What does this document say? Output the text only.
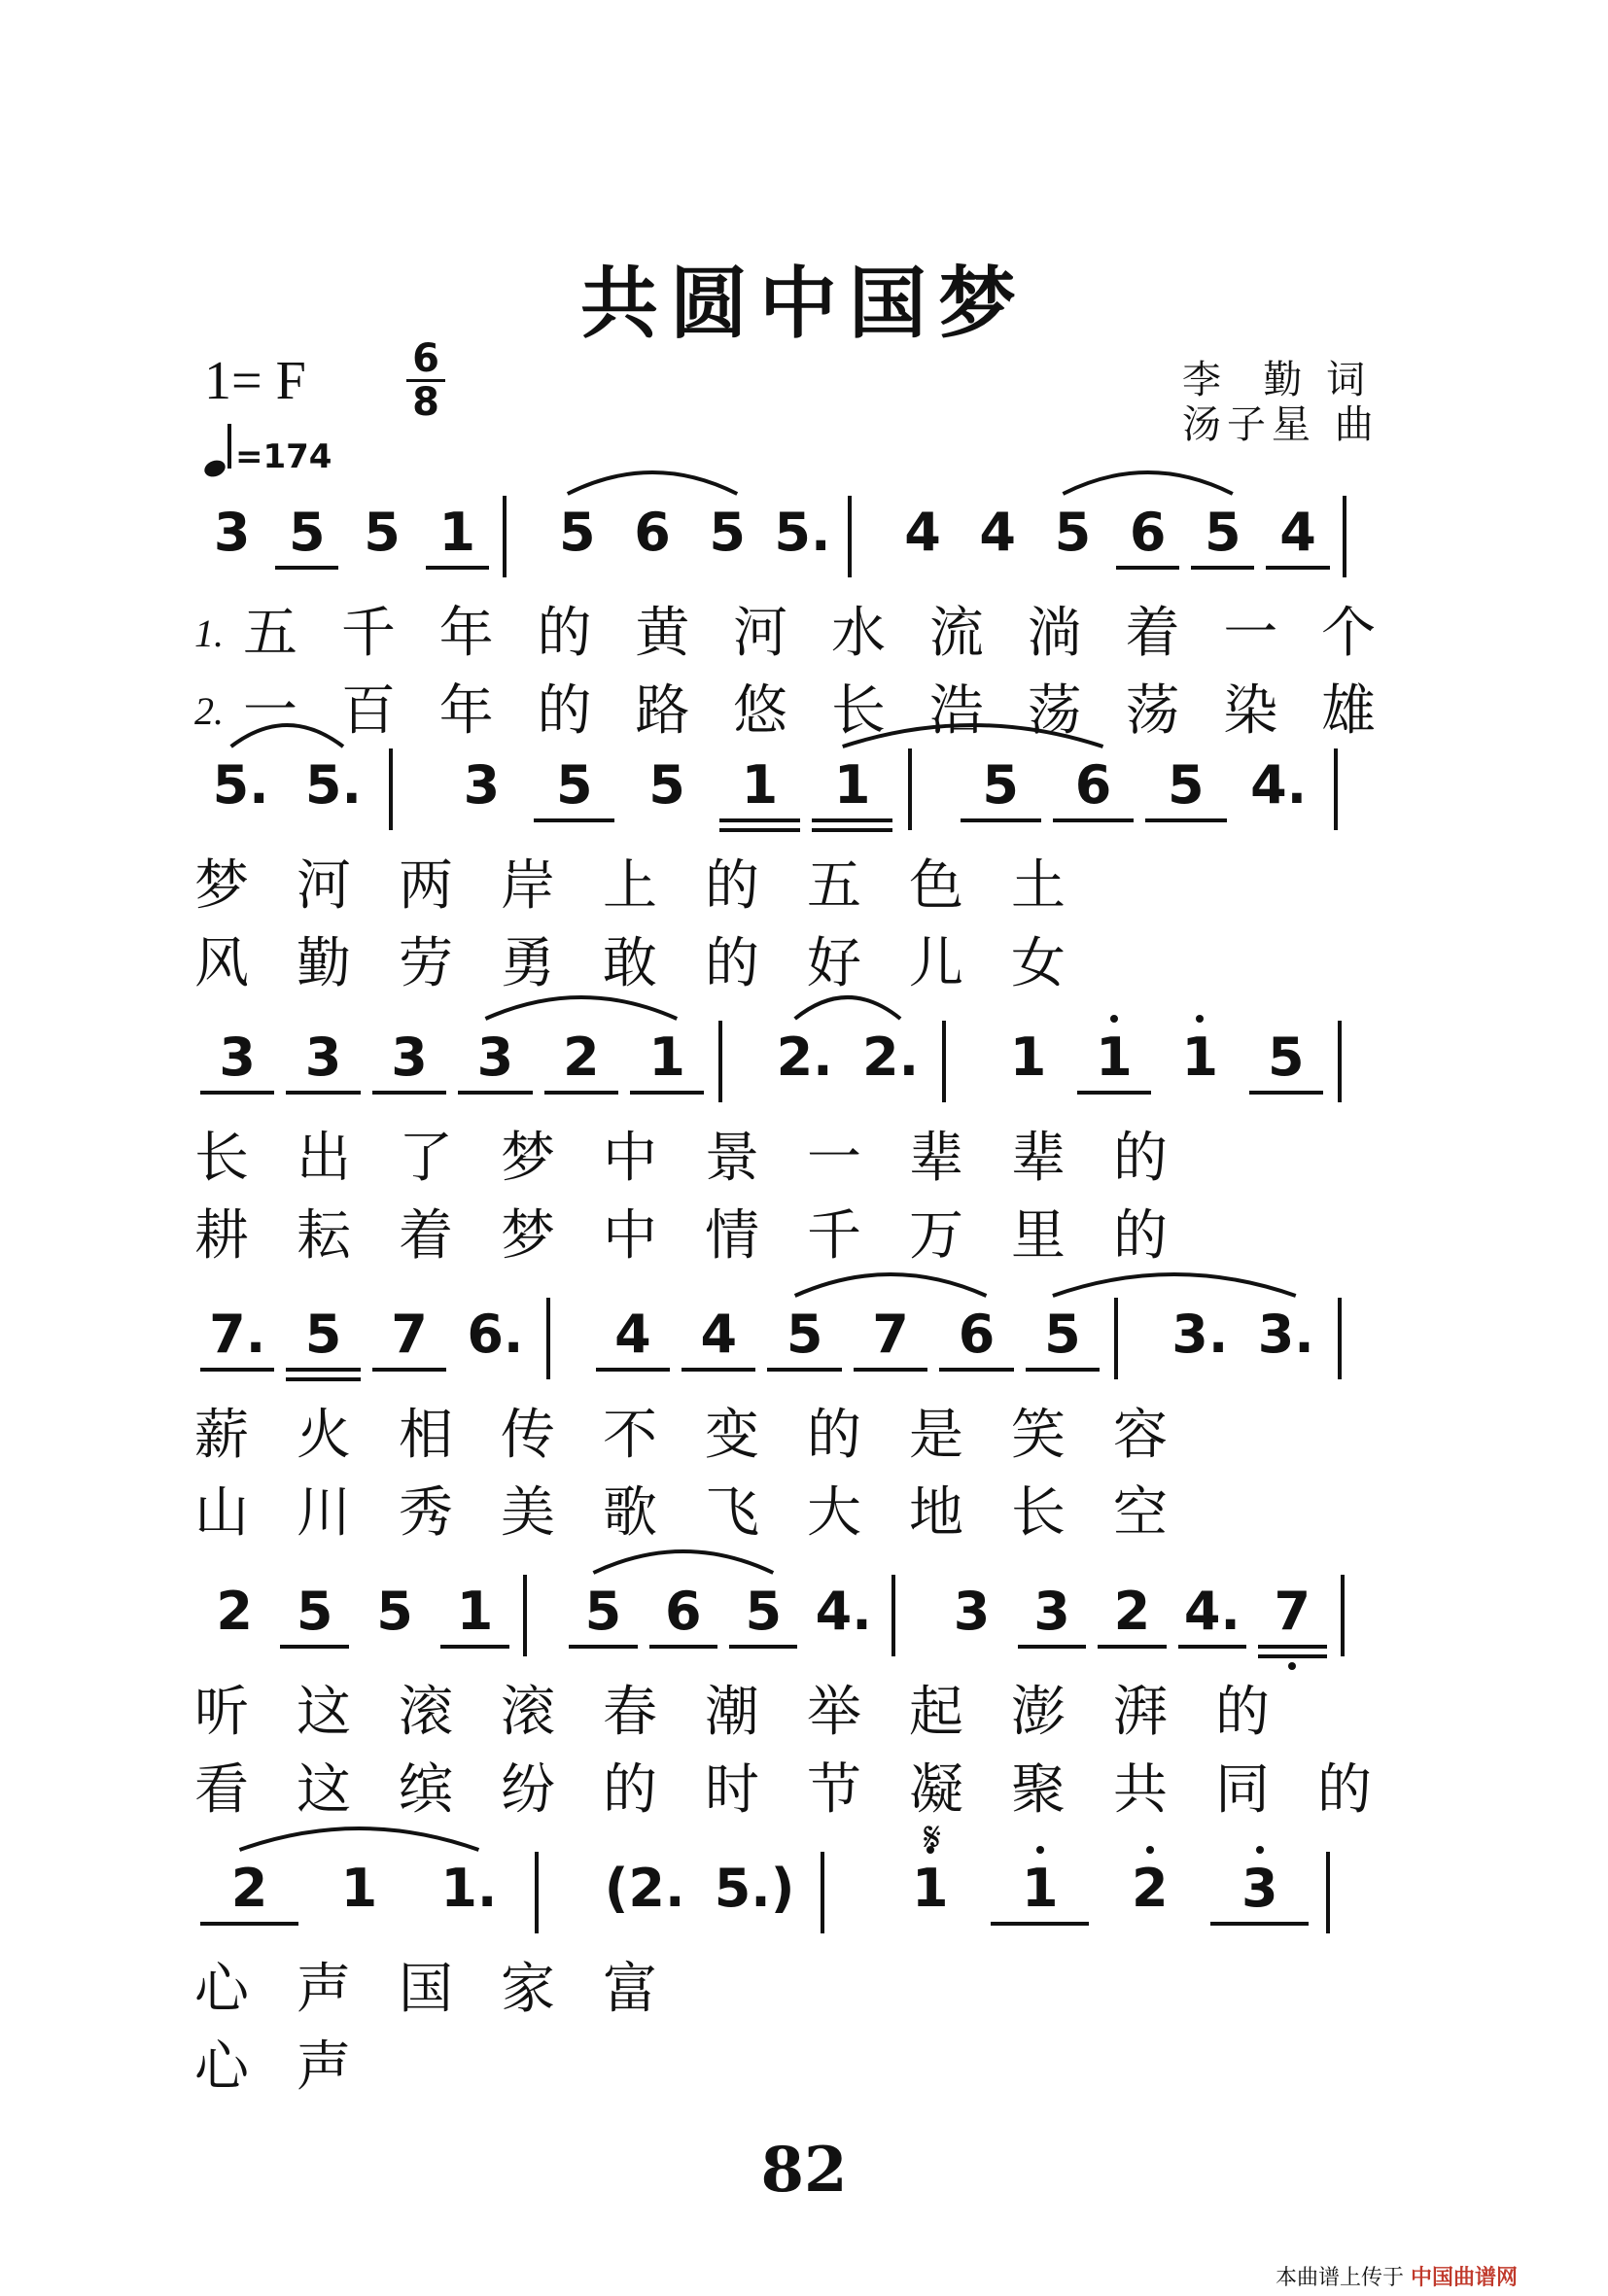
共圆中国梦
1= F	6
8
=174
李  勤 词
汤子星 曲
3 5 5 1	5 6 5 5.	4 4 5 6 5 4
1. 五千年的黄河水流淌着一个
2. 一百年的路悠长浩荡荡染雄
5. 5.	3	5	5	1	1	5	6	5 4.
梦河两岸上的五色土
风勤劳勇敢的好儿女
3 3 3 3 2 1	2. 2.	1 1 1 5
长出了梦中景一辈辈的
耕耘着梦中情千万里的
7. 5 7 6.	4 4 5 7 6 5	3. 3.
薪火相传不变的是笑容
山川秀美歌飞大地长空
2 5 5 1	5 6 5 4.	3 3 2 4. 7
听这滚滚春潮举起澎湃的
看这缤纷的时节凝聚共同的
2	1	1.	(2. 5.)	1	1	2	3
心声国家富
心声
𝄋
82
本曲谱上传于 中国曲谱网
